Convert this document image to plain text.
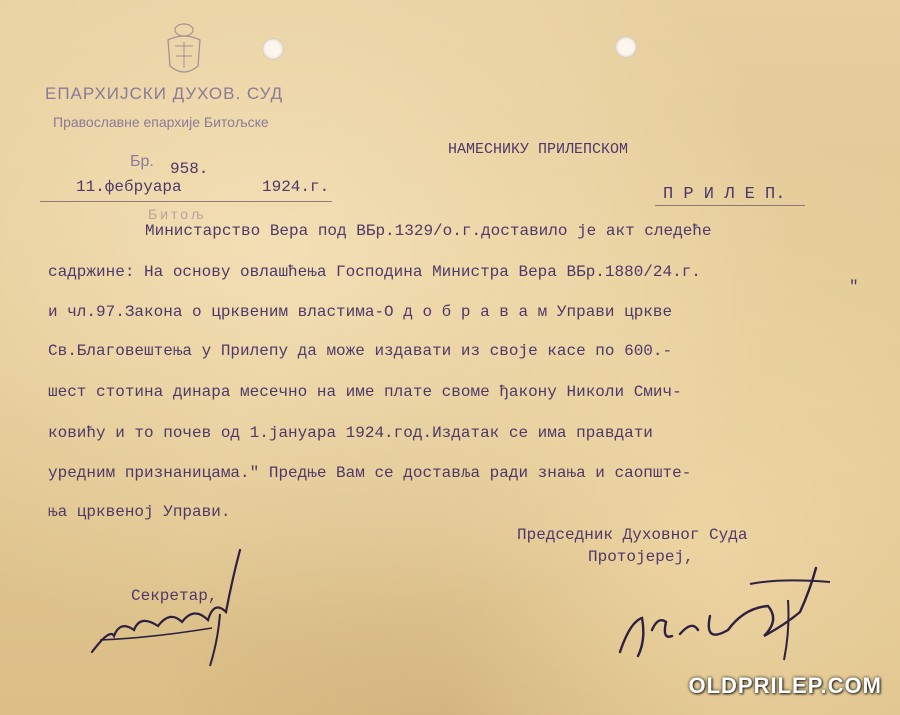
ЕПАРХИЈСКИ ДУХОВ. СУД
Православне епархије Битољске
Бр. 958.
11.фебруара	1924.г.
Битољ
НАМЕСНИКУ ПРИЛЕПСКОМ
П Р И Л Е П.
Министарство Вера под ВБр.1329/о.г.доставило је акт следеће
садржине: На основу овлашћења Господина Министра Вера ВБр.1880/24.г.
и чл.97.Закона о црквеним властима-О д о б р а в а м Управи цркве
Св.Благовештења у Прилепу да може издавати из своје касе по 600.-
шест стотина динара месечно на име плате своме ђакону Николи Смич-
ковићу и то почев од 1.јануара 1924.год.Издатак се има правдати
уредним признаницама." Предње Вам се доставља ради знања и саопште-
ња црквеној Управи.
"
Председник Духовног Суда
Протојереј,
Секретар,
OLDPRILEP.COM
